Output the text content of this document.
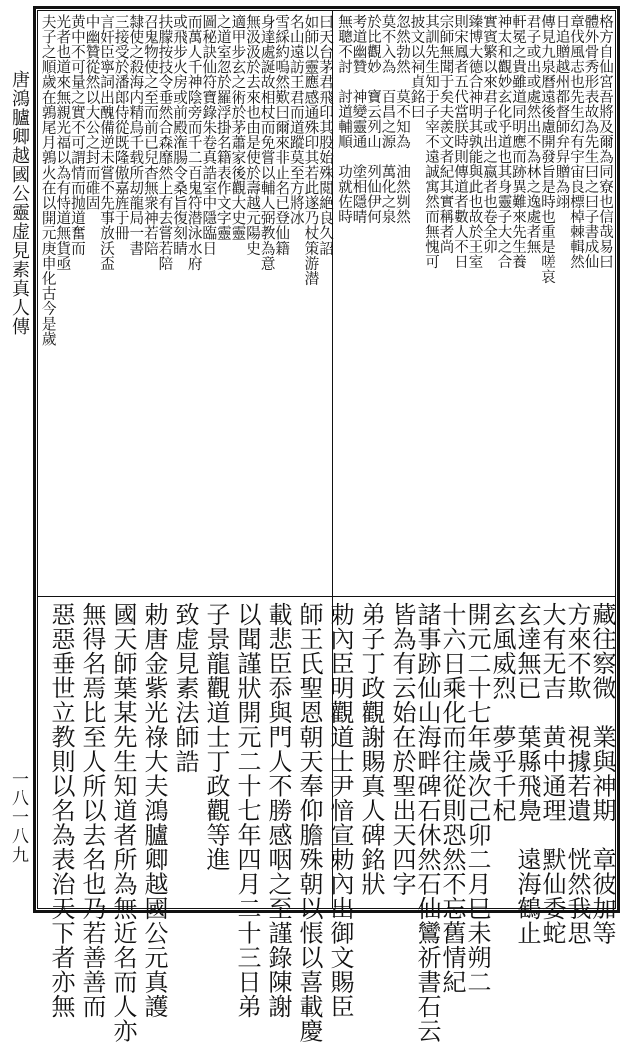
唐鴻臚卿越國公靈虚見素真人傳
一八一八九
曰天台茅君飛印其股始殊閲絶良久詔
如師以靈應感通殊印其若此遂乃杖策游潜
名山遠訪王君而道蹤莫至方將冰
雪綵約嗚然歎曰爾來非止名已登仙籍
身達處誕故相杖而免嘗以輔人弼教為意
無汲汲於去來也由是使於壽越元陽史
適甲步玄之術於茅蕭家後觀大史靈
之道室忽於羅浮掛名籍表作文字靈
圖秘訣仙符寶錄朱卷真誥室中隱臨日
而萬人千神陰旁而千二百鬼符潜泳水府
或飛步火房或前殿潅腸令桑旨復刻睛
扶朦按技令垂然合森靡然上有去嘗若陪
召鬼物使之至而前已兒杳無衆神若陪
隸使之殺海内精鳥千载所刧龍局一書
三接受於潘郎侍從既隆傲嘉旌于冊
言奸臣寧詞出醜備逆未嘗不先事放沃盃
中幽贊從然以大公之封而碓固
黄中不可量之實不可謂情而抛道奮而
光者也道來無親光福以為有恃道無貨亟
夫子之順歲在鶉尾月鶉火在以開元庚申化古今是歲	格方自仙宮吾將及爾為同寮也信哉易曰
體外骨秀形表故為先生曰之曰子書成仙
章伐風志也先生幻有宇宙良標棹棘輯然
日追贈越州都督師弁舁贈為翊
傳見九泉曆遠後慮開發旨是時也重是嗟哀
君子或出或處然出不為林之逸處者無
軒冕之貴雖道同明應而跡異難來先生養
神太和觀妙玄化乎道也其身靈子大之合
實賓繁以來君子或出之嬴者也卷全卯
臻博大德合神明其孰能與此也故於王室
則宋鳳者五代當朕時則傳道者數人不日
宗師無聞于矣夫羨文者紀其實稱者尚
其訓先生知于子宰不遠誠寓然而無愧可
披文以祠貞銘曰
忽然勃然　莫不知為　油然刿然
莫不入為　百昌之源　萬化之泉
於比觀妙　寶云列山　列仙伊何
考道幽贊　神變靈通　塗相隱晴
無聰不討　討道輔順　功就佐時
藏往察微　業與神期　章彼加等
方來不欺　視據若遺　恍然我思
大有无吉　黄中通理　默仙委蛇
玄達無已　葉縣飛鳧　遠海鶴止
玄風威烈　夢乎千杞
開元二十七年歲次己卯二月巳未朔二
十六日乘化而往從則恐然不忘舊情紀
諸事跡仙山海畔碑石休然石仙鸞祈書石云
皆為有云始在於聖出天四字
弟子丁政觀謝賜真人碑銘狀
勅內臣明觀道士尹愔宣勅內出御文賜臣
師王氏聖恩朝天奉仰膽殊朝以悵以喜載慶
載悲臣忝與門人不勝感咽之至謹錄陳謝
以聞謹狀開元二十七年四月二十三日弟
子景龍觀道士丁政觀等進
致虚見素法師誥
勅唐金紫光祿大夫鴻臚卿越國公元真護
國天師葉某先生知道者所為無近名而人亦
無得名焉比至人所以去名也乃若善善而
惡惡垂世立教則以名為表治天下者亦無
